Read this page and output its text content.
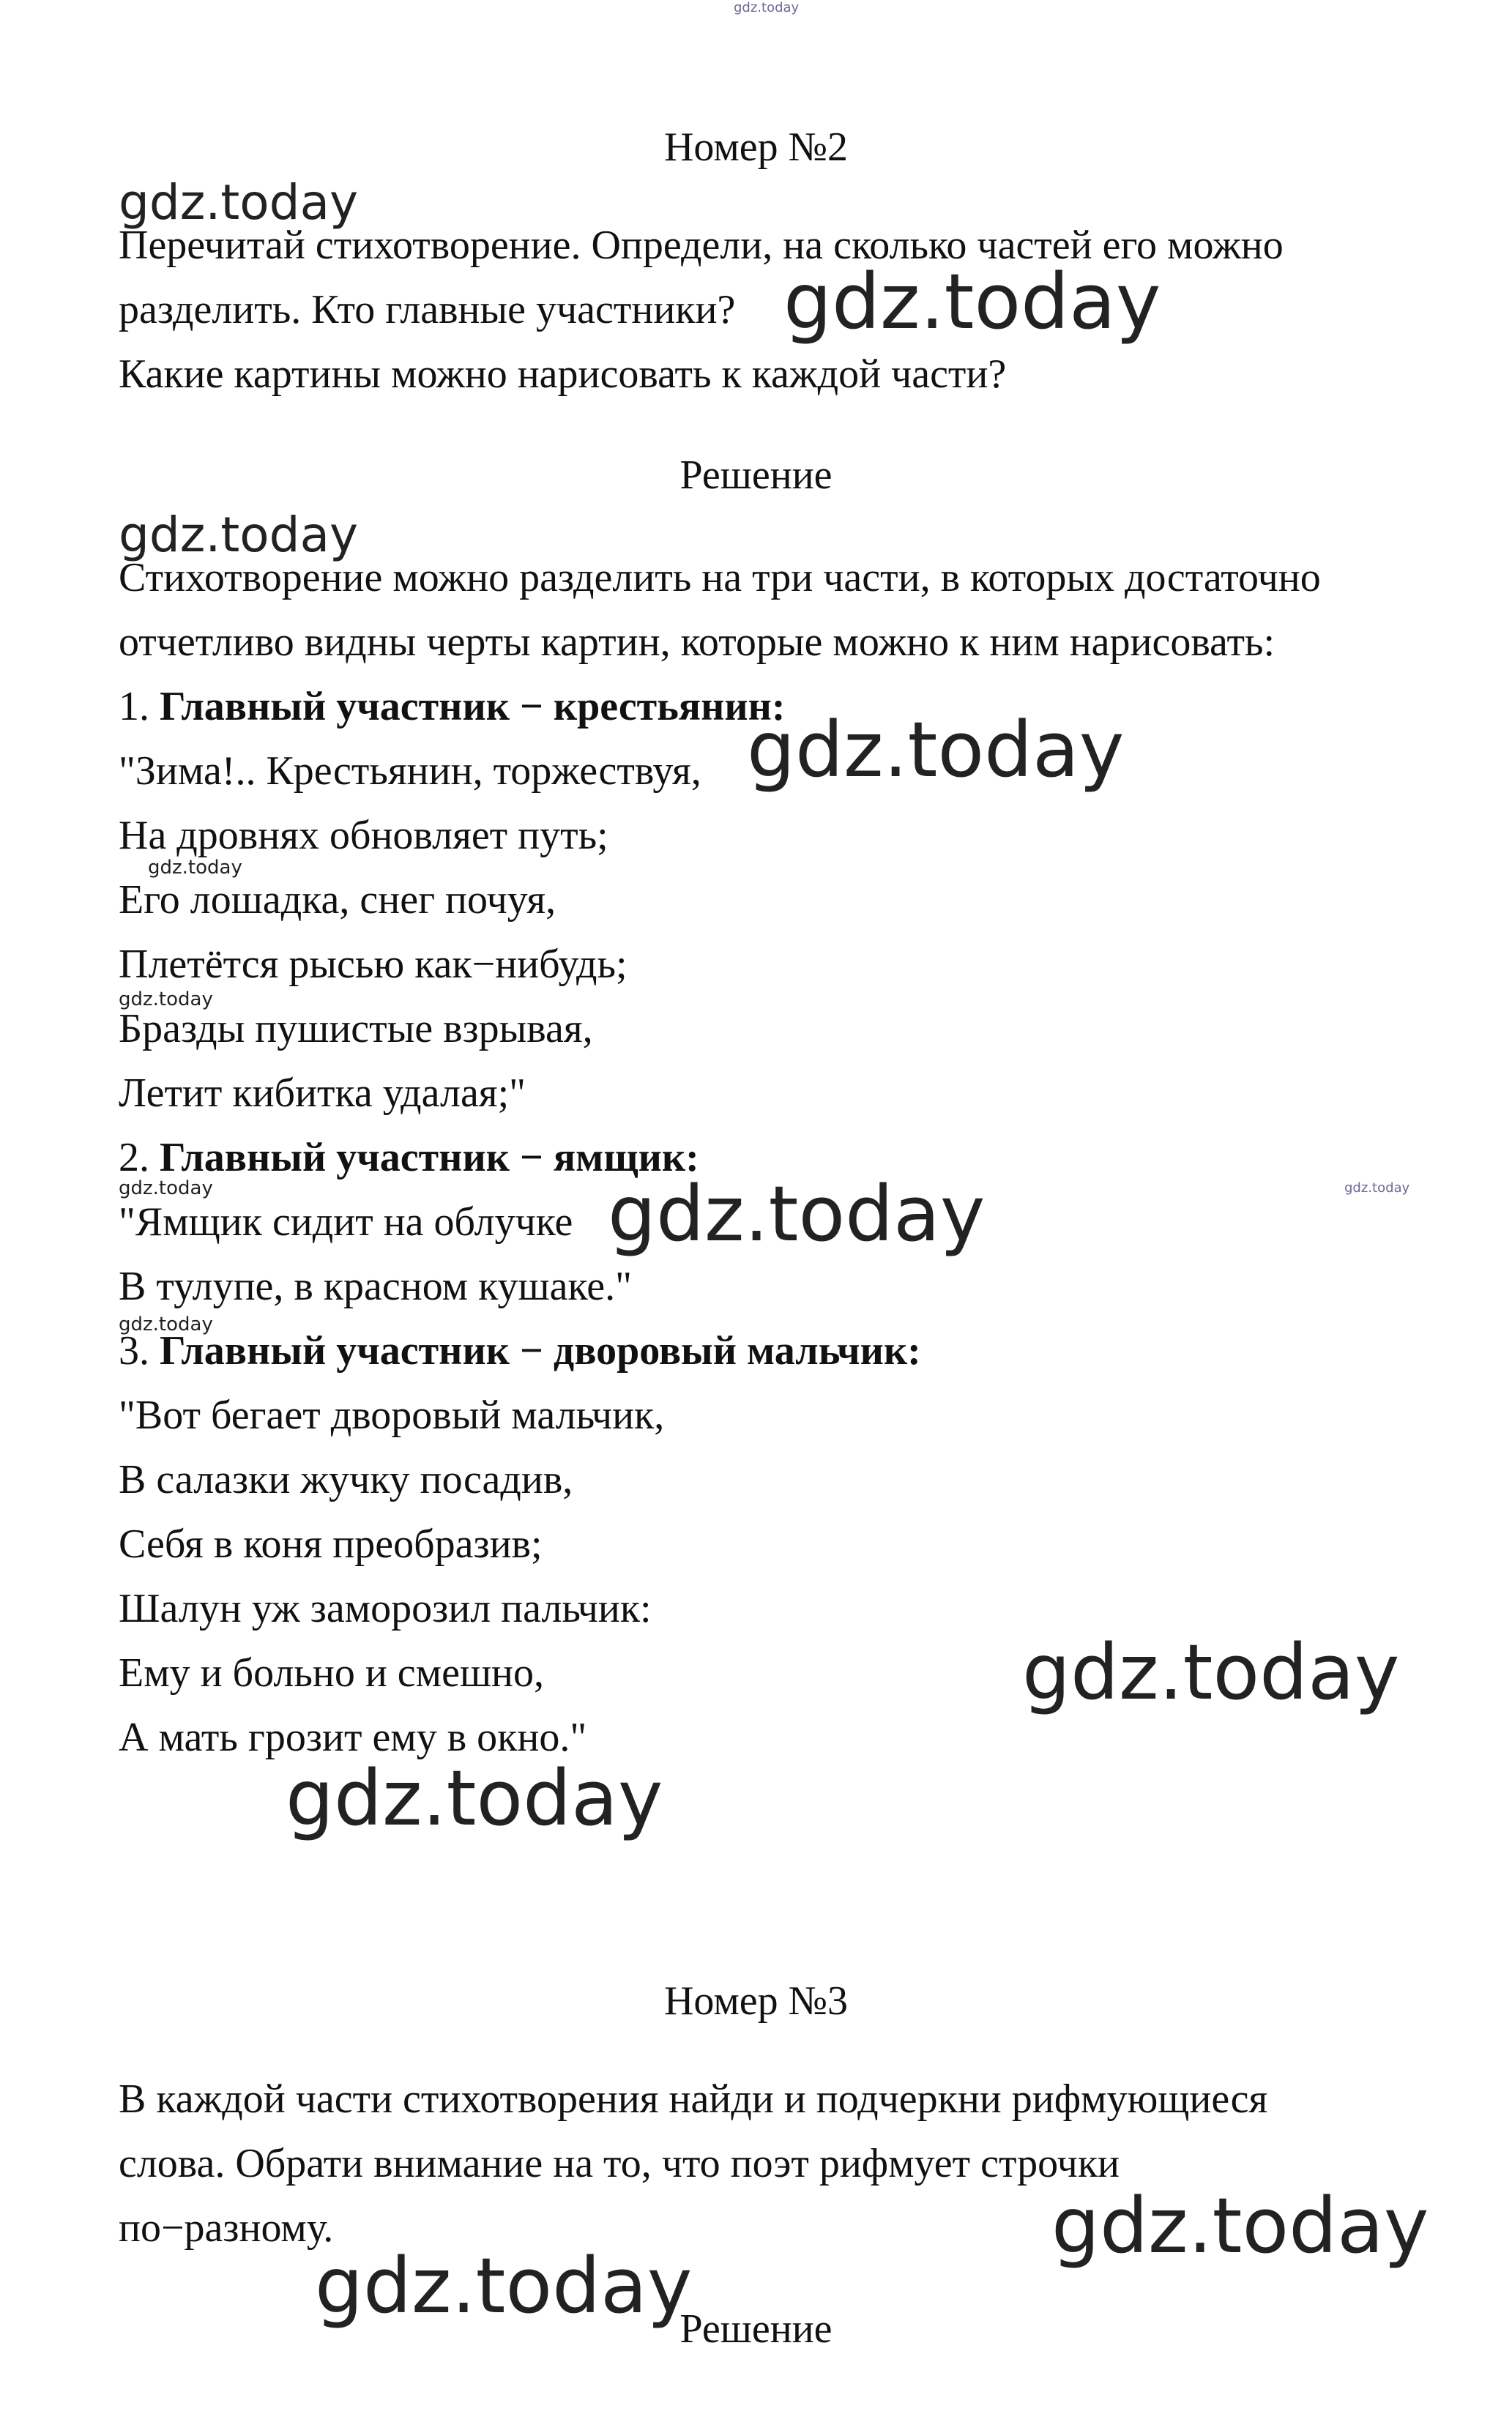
gdz.today
gdz.today
gdz.today
gdz.today
gdz.today
gdz.today
gdz.today
gdz.today	gdz.today
gdz.today
gdz.today
gdz.today
gdz.today
gdz.today
gdz.today
Номер №2
Перечитай стихотворение. Определи, на сколько частей его можно
разделить. Кто главные участники?
Какие картины можно нарисовать к каждой части?
Решение
Стихотворение можно разделить на три части, в которых достаточно
отчетливо видны черты картин, которые можно к ним нарисовать:
1. Главный участник − крестьянин:
"Зима!.. Крестьянин, торжествуя,
На дровнях обновляет путь;
Его лошадка, снег почуя,
Плетётся рысью как−нибудь;
Бразды пушистые взрывая,
Летит кибитка удалая;"
2. Главный участник − ямщик:
"Ямщик сидит на облучке
В тулупе, в красном кушаке."
3. Главный участник − дворовый мальчик:
"Вот бегает дворовый мальчик,
В салазки жучку посадив,
Себя в коня преобразив;
Шалун уж заморозил пальчик:
Ему и больно и смешно,
А мать грозит ему в окно."
Номер №3
В каждой части стихотворения найди и подчеркни рифмующиеся
слова. Обрати внимание на то, что поэт рифмует строчки
по−разному.
Решение
